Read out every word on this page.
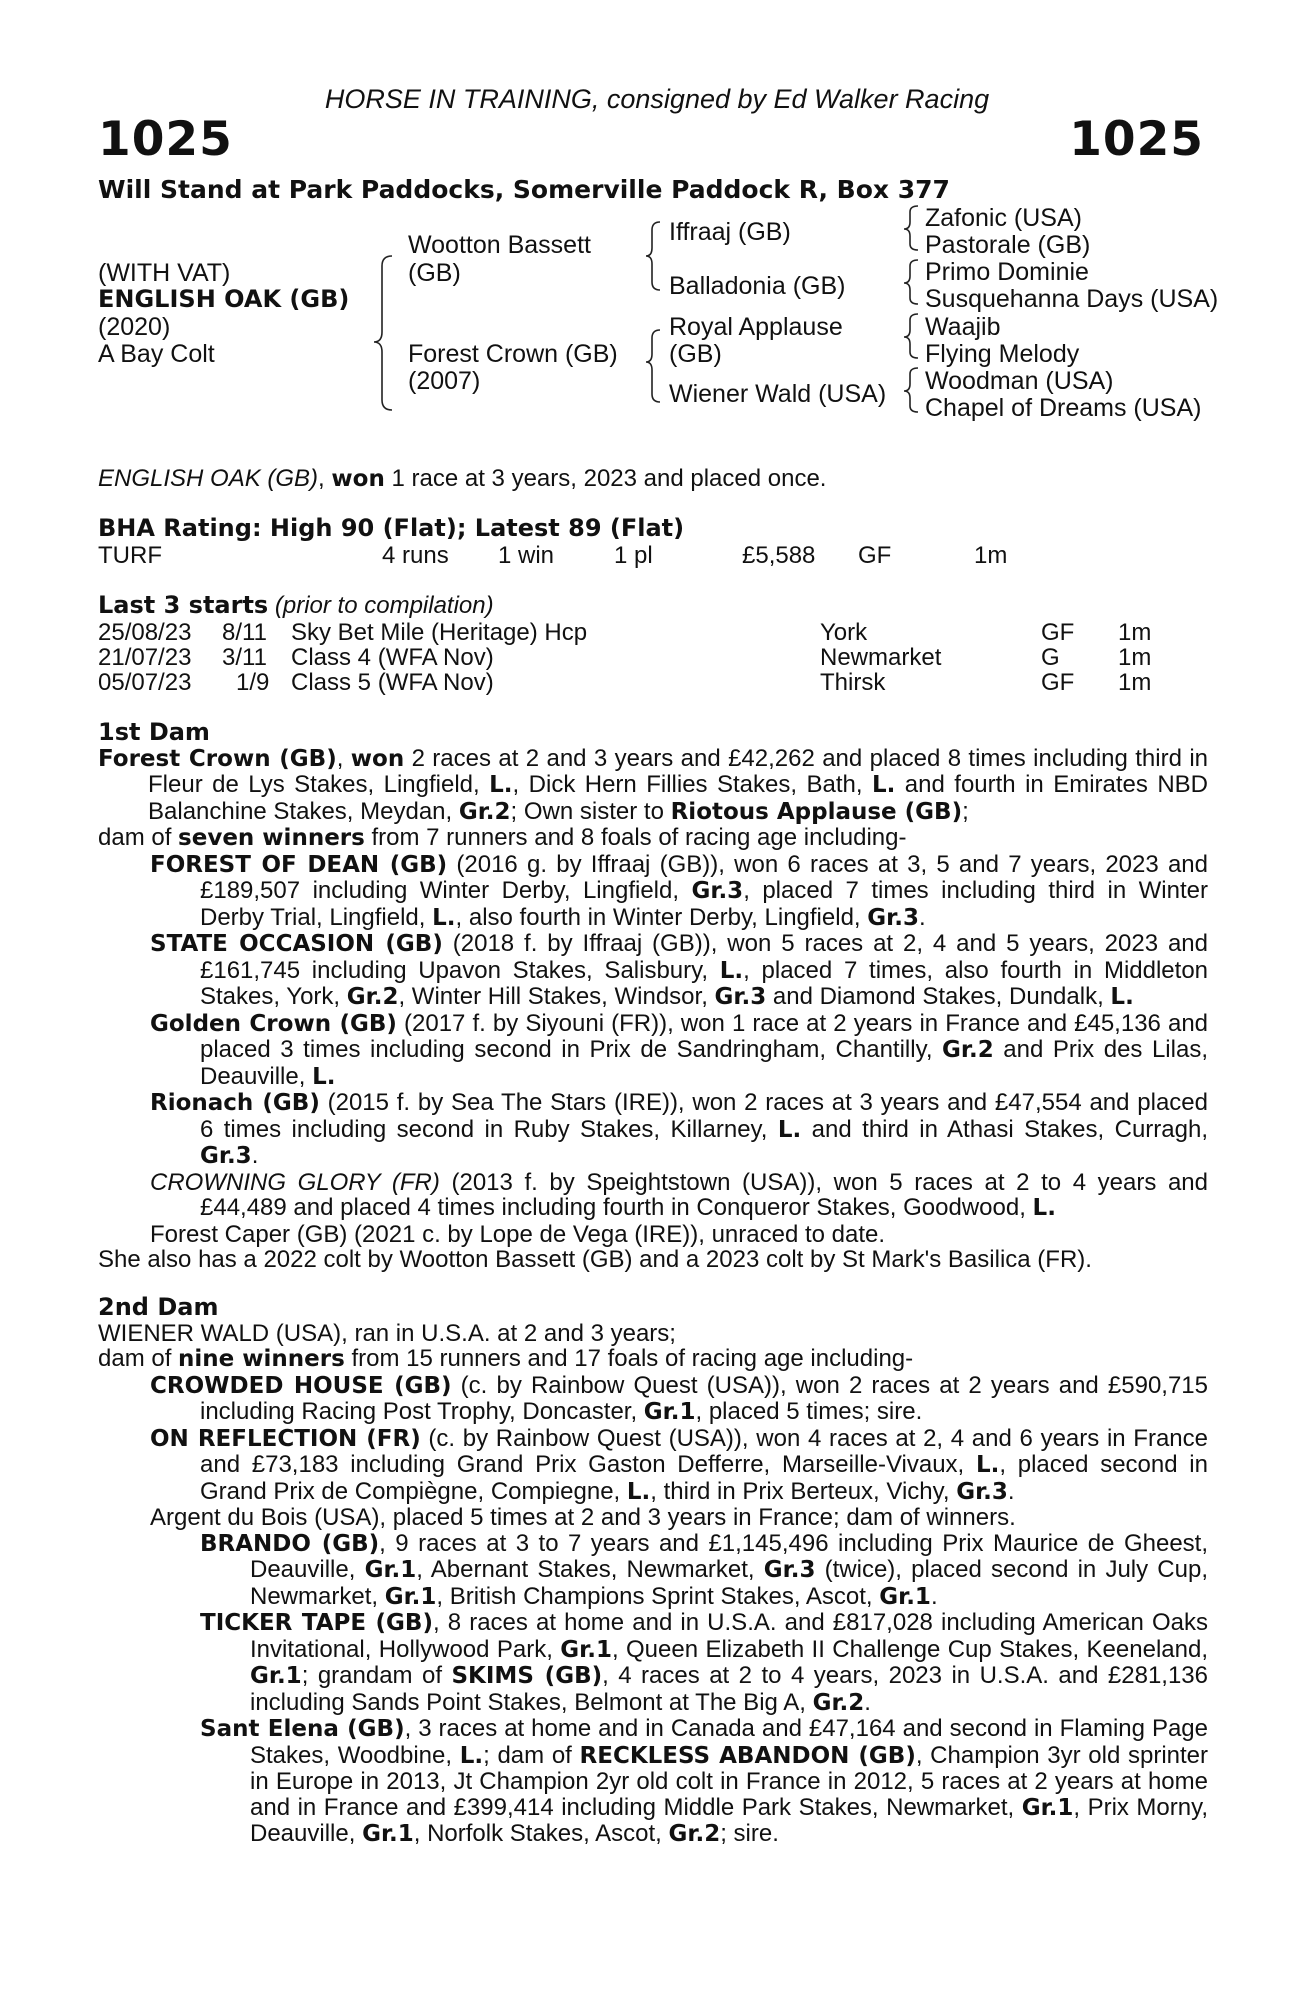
HORSE IN TRAINING, consigned by Ed Walker Racing
1025	1025
Will Stand at Park Paddocks, Somerville Paddock R, Box 377
(WITH VAT)
ENGLISH OAK (GB)
(2020)
A Bay Colt
Wootton Bassett
(GB)
Forest Crown (GB)
(2007)
Iffraaj (GB)
Balladonia (GB)
Royal Applause
(GB)
Wiener Wald (USA)
Zafonic (USA)
Pastorale (GB)
Primo Dominie
Susquehanna Days (USA)
Waajib
Flying Melody
Woodman (USA)
Chapel of Dreams (USA)
ENGLISH OAK (GB), won 1 race at 3 years, 2023 and placed once.
BHA Rating: High 90 (Flat); Latest 89 (Flat)
TURF	4 runs 1 win 1 pl	£5,588 GF	1m
Last 3 starts (prior to compilation)
25/08/23 8/11 Sky Bet Mile (Heritage) Hcp	York	GF 1m
21/07/23 3/11 Class 4 (WFA Nov)	Newmarket	G 1m
05/07/23 1/9 Class 5 (WFA Nov)	Thirsk	GF 1m

1st Dam

Forest Crown (GB), won 2 races at 2 and 3 years and £42,262 and placed 8 times including third in Fleur de Lys Stakes, Lingfield, L., Dick Hern Fillies Stakes, Bath, L. and fourth in Emirates NBD Balanchine Stakes, Meydan, Gr.2; Own sister to Riotous Applause (GB);

dam of seven winners from 7 runners and 8 foals of racing age including-

FOREST OF DEAN (GB) (2016 g. by Iffraaj (GB)), won 6 races at 3, 5 and 7 years, 2023 and £189,507 including Winter Derby, Lingfield, Gr.3, placed 7 times including third in Winter Derby Trial, Lingfield, L., also fourth in Winter Derby, Lingfield, Gr.3.

STATE OCCASION (GB) (2018 f. by Iffraaj (GB)), won 5 races at 2, 4 and 5 years, 2023 and £161,745 including Upavon Stakes, Salisbury, L., placed 7 times, also fourth in Middleton Stakes, York, Gr.2, Winter Hill Stakes, Windsor, Gr.3 and Diamond Stakes, Dundalk, L.

Golden Crown (GB) (2017 f. by Siyouni (FR)), won 1 race at 2 years in France and £45,136 and placed 3 times including second in Prix de Sandringham, Chantilly, Gr.2 and Prix des Lilas, Deauville, L.

Rionach (GB) (2015 f. by Sea The Stars (IRE)), won 2 races at 3 years and £47,554 and placed 6 times including second in Ruby Stakes, Killarney, L. and third in Athasi Stakes, Curragh, Gr.3.

CROWNING GLORY (FR) (2013 f. by Speightstown (USA)), won 5 races at 2 to 4 years and £44,489 and placed 4 times including fourth in Conqueror Stakes, Goodwood, L.

Forest Caper (GB) (2021 c. by Lope de Vega (IRE)), unraced to date.

She also has a 2022 colt by Wootton Bassett (GB) and a 2023 colt by St Mark's Basilica (FR).

2nd Dam

WIENER WALD (USA), ran in U.S.A. at 2 and 3 years;

dam of nine winners from 15 runners and 17 foals of racing age including-

CROWDED HOUSE (GB) (c. by Rainbow Quest (USA)), won 2 races at 2 years and £590,715 including Racing Post Trophy, Doncaster, Gr.1, placed 5 times; sire.

ON REFLECTION (FR) (c. by Rainbow Quest (USA)), won 4 races at 2, 4 and 6 years in France and £73,183 including Grand Prix Gaston Defferre, Marseille-Vivaux, L., placed second in Grand Prix de Compiègne, Compiegne, L., third in Prix Berteux, Vichy, Gr.3.

Argent du Bois (USA), placed 5 times at 2 and 3 years in France; dam of winners.

BRANDO (GB), 9 races at 3 to 7 years and £1,145,496 including Prix Maurice de Gheest, Deauville, Gr.1, Abernant Stakes, Newmarket, Gr.3 (twice), placed second in July Cup, Newmarket, Gr.1, British Champions Sprint Stakes, Ascot, Gr.1.

TICKER TAPE (GB), 8 races at home and in U.S.A. and £817,028 including American Oaks Invitational, Hollywood Park, Gr.1, Queen Elizabeth II Challenge Cup Stakes, Keeneland, Gr.1; grandam of SKIMS (GB), 4 races at 2 to 4 years, 2023 in U.S.A. and £281,136 including Sands Point Stakes, Belmont at The Big A, Gr.2.

Sant Elena (GB), 3 races at home and in Canada and £47,164 and second in Flaming Page Stakes, Woodbine, L.; dam of RECKLESS ABANDON (GB), Champion 3yr old sprinter in Europe in 2013, Jt Champion 2yr old colt in France in 2012, 5 races at 2 years at home and in France and £399,414 including Middle Park Stakes, Newmarket, Gr.1, Prix Morny, Deauville, Gr.1, Norfolk Stakes, Ascot, Gr.2; sire.
